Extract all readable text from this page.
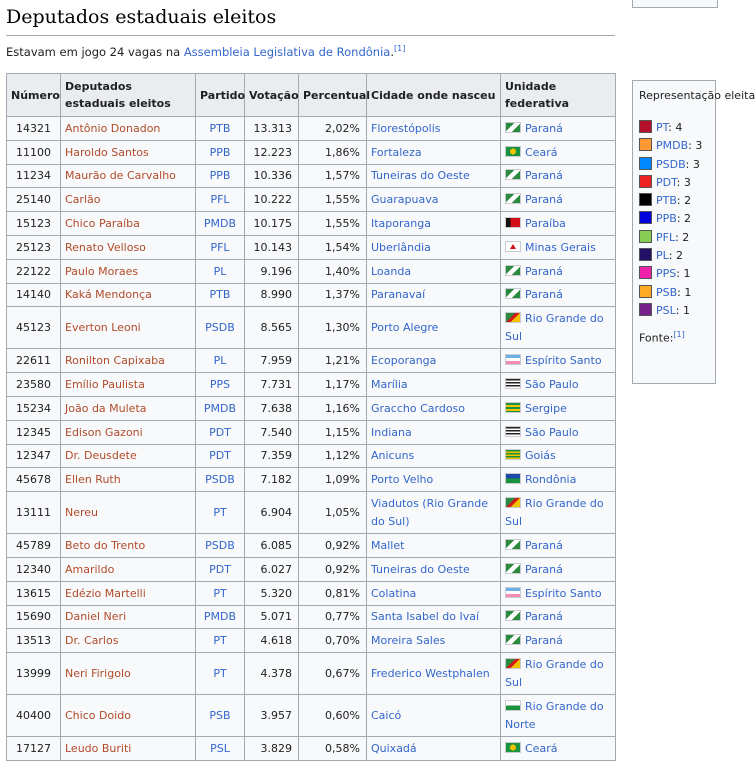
Deputados estaduais eleitos
Estavam em jogo 24 vagas na Assembleia Legislativa de Rondônia.[1]
Número	Deputados estaduais eleitos	Partido	Votação	Percentual	Cidade onde nasceu	Unidade federativa
14321	Antônio Donadon	PTB	13.313	2,02%	Florestópolis	Paraná
11100	Haroldo Santos	PPB	12.223	1,86%	Fortaleza	Ceará
11234	Maurão de Carvalho	PPB	10.336	1,57%	Tuneiras do Oeste	Paraná
25140	Carlão	PFL	10.222	1,55%	Guarapuava	Paraná
15123	Chico Paraíba	PMDB	10.175	1,55%	Itaporanga	Paraíba
25123	Renato Velloso	PFL	10.143	1,54%	Uberlândia	Minas Gerais
22122	Paulo Moraes	PL	9.196	1,40%	Loanda	Paraná
14140	Kaká Mendonça	PTB	8.990	1,37%	Paranavaí	Paraná
45123	Everton Leoni	PSDB	8.565	1,30%	Porto Alegre	Rio Grande do Sul
22611	Ronilton Capixaba	PL	7.959	1,21%	Ecoporanga	Espírito Santo
23580	Emílio Paulista	PPS	7.731	1,17%	Marília	São Paulo
15234	João da Muleta	PMDB	7.638	1,16%	Graccho Cardoso	Sergipe
12345	Edison Gazoni	PDT	7.540	1,15%	Indiana	São Paulo
12347	Dr. Deusdete	PDT	7.359	1,12%	Anicuns	Goiás
45678	Ellen Ruth	PSDB	7.182	1,09%	Porto Velho	Rondônia
13111	Nereu	PT	6.904	1,05%	Viadutos (Rio Grande do Sul)	Rio Grande do Sul
45789	Beto do Trento	PSDB	6.085	0,92%	Mallet	Paraná
12340	Amarildo	PDT	6.027	0,92%	Tuneiras do Oeste	Paraná
13615	Edézio Martelli	PT	5.320	0,81%	Colatina	Espírito Santo
15690	Daniel Neri	PMDB	5.071	0,77%	Santa Isabel do Ivaí	Paraná
13513	Dr. Carlos	PT	4.618	0,70%	Moreira Sales	Paraná
13999	Neri Firigolo	PT	4.378	0,67%	Frederico Westphalen	Rio Grande do Sul
40400	Chico Doido	PSB	3.957	0,60%	Caicó	Rio Grande do Norte
17127	Leudo Buriti	PSL	3.829	0,58%	Quixadá	Ceará
Representação eleita
PT: 4
PMDB: 3
PSDB: 3
PDT: 3
PTB: 2
PPB: 2
PFL: 2
PL: 2
PPS: 1
PSB: 1
PSL: 1
Fonte:[1]
